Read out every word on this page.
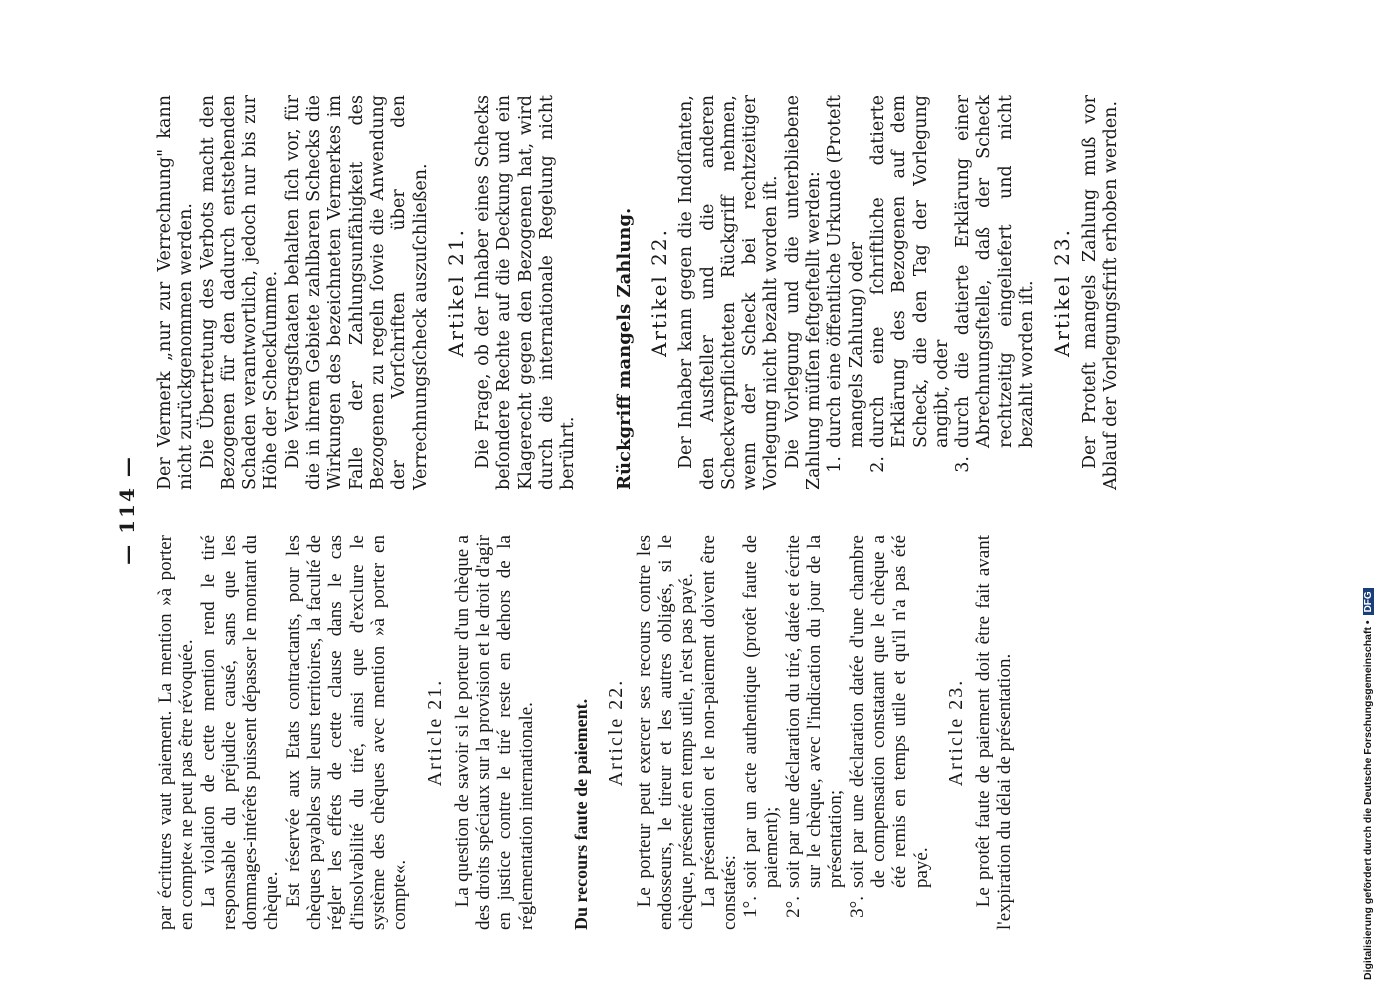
— 114 —

par écritures vaut paiement. La mention »à porter en compte« ne peut pas être révoquée. La violation de cette mention rend le tiré responsable du préjudice causé, sans que les dommages-intérêts puissent dépasser le montant du chèque. Est réservée aux Etats contractants, pour les chèques payables sur leurs territoires, la faculté de régler les effets de cette clause dans le cas d'insolvabilité du tiré, ainsi que d'exclure le système des chèques avec mention »à porter en compte«.

Article 21. La question de savoir si le porteur d'un chèque a des droits spéciaux sur la provision et le droit d'agir en justice contre le tiré reste en dehors de la réglementation internationale. Du recours faute de paiement. Article 22. Le porteur peut exercer ses recours contre les endosseurs, le tireur et les autres obligés, si le chèque, présenté en temps utile, n'est pas payé. La présentation et le non-paiement doivent être constatés: 1°.
soit par un acte authentique (protêt faute de paiement);
2°.
soit par une déclaration du tiré, datée et écrite sur le chèque, avec l'indication du jour de la présentation;
3°.
soit par une déclaration datée d'une chambre de compensation constatant que le chèque a été remis en temps utile et qu'il n'a pas été payé.
Article 23. Le protêt faute de paiement doit être fait avant l'expiration du délai de présentation.

Der Vermerk „nur zur Verrechnung" kann nicht zurückgenommen werden. Die Übertretung des Verbots macht den Bezogenen für den dadurch entstehenden Schaden verantwortlich, jedoch nur bis zur Höhe der Scheckſumme. Die Vertragsſtaaten behalten ſich vor, für die in ihrem Gebiete zahlbaren Schecks die Wirkungen des bezeichneten Vermerkes im Falle der Zahlungsunfähigkeit des Bezogenen zu regeln ſowie die Anwendung der Vorſchriften über den Verrechnungsſcheck auszuſchließen. Artikel 21. Die Frage, ob der Inhaber eines Schecks beſondere Rechte auf die Deckung und ein Klagerecht gegen den Bezogenen hat, wird durch die internationale Regelung nicht berührt. Rückgriff mangels Zahlung. Artikel 22. Der Inhaber kann gegen die Indoſſanten, den Ausſteller und die anderen Scheckverpflichteten Rückgriff nehmen, wenn der Scheck bei rechtzeitiger Vorlegung nicht bezahlt worden iſt. Die Vorlegung und die unterbliebene Zahlung müſſen feſtgeſtellt werden: 1.
durch eine öffentliche Urkunde (Proteſt mangels Zahlung) oder
2.
durch eine ſchriftliche datierte Erklärung des Bezogenen auf dem Scheck, die den Tag der Vorlegung angibt, oder
3.
durch die datierte Erklärung einer Abrechnungsſtelle, daß der Scheck rechtzeitig eingeliefert und nicht bezahlt worden iſt. Artikel 23. Der Proteſt mangels Zahlung muß vor Ablauf der Vorlegungsfriſt erhoben werden.

Digitalisierung gefördert durch die Deutsche Forschungsgemeinschaft •DFG
